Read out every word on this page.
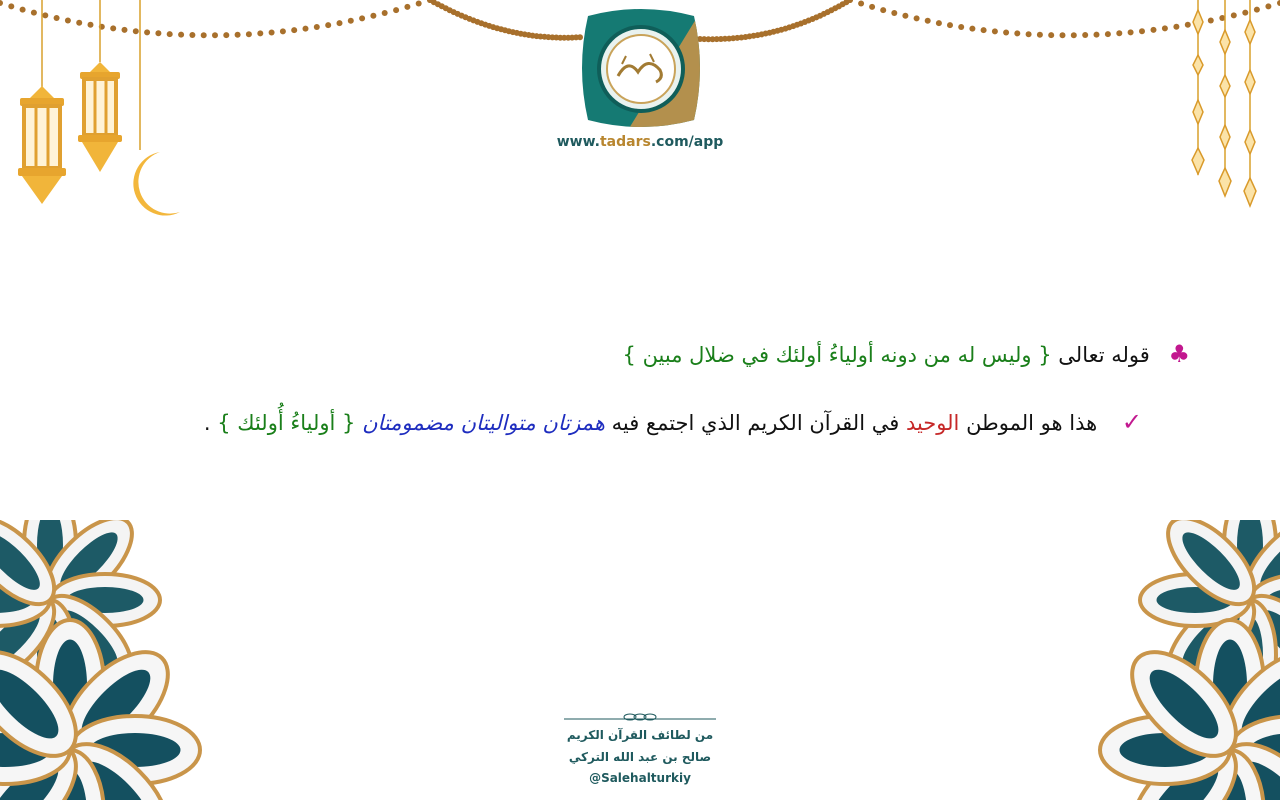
www.tadars.com/app
♣ قوله تعالى { وليس له من دونه أولياءُ أولئك في ضلال مبين }
✓ هذا هو الموطن الوحيد في القرآن الكريم الذي اجتمع فيه همزتان متواليتان مضمومتان { أولياءُ أُولئك } .
من لطائف القرآن الكريم
صالح بن عبد الله التركي
@Salehalturkiy
